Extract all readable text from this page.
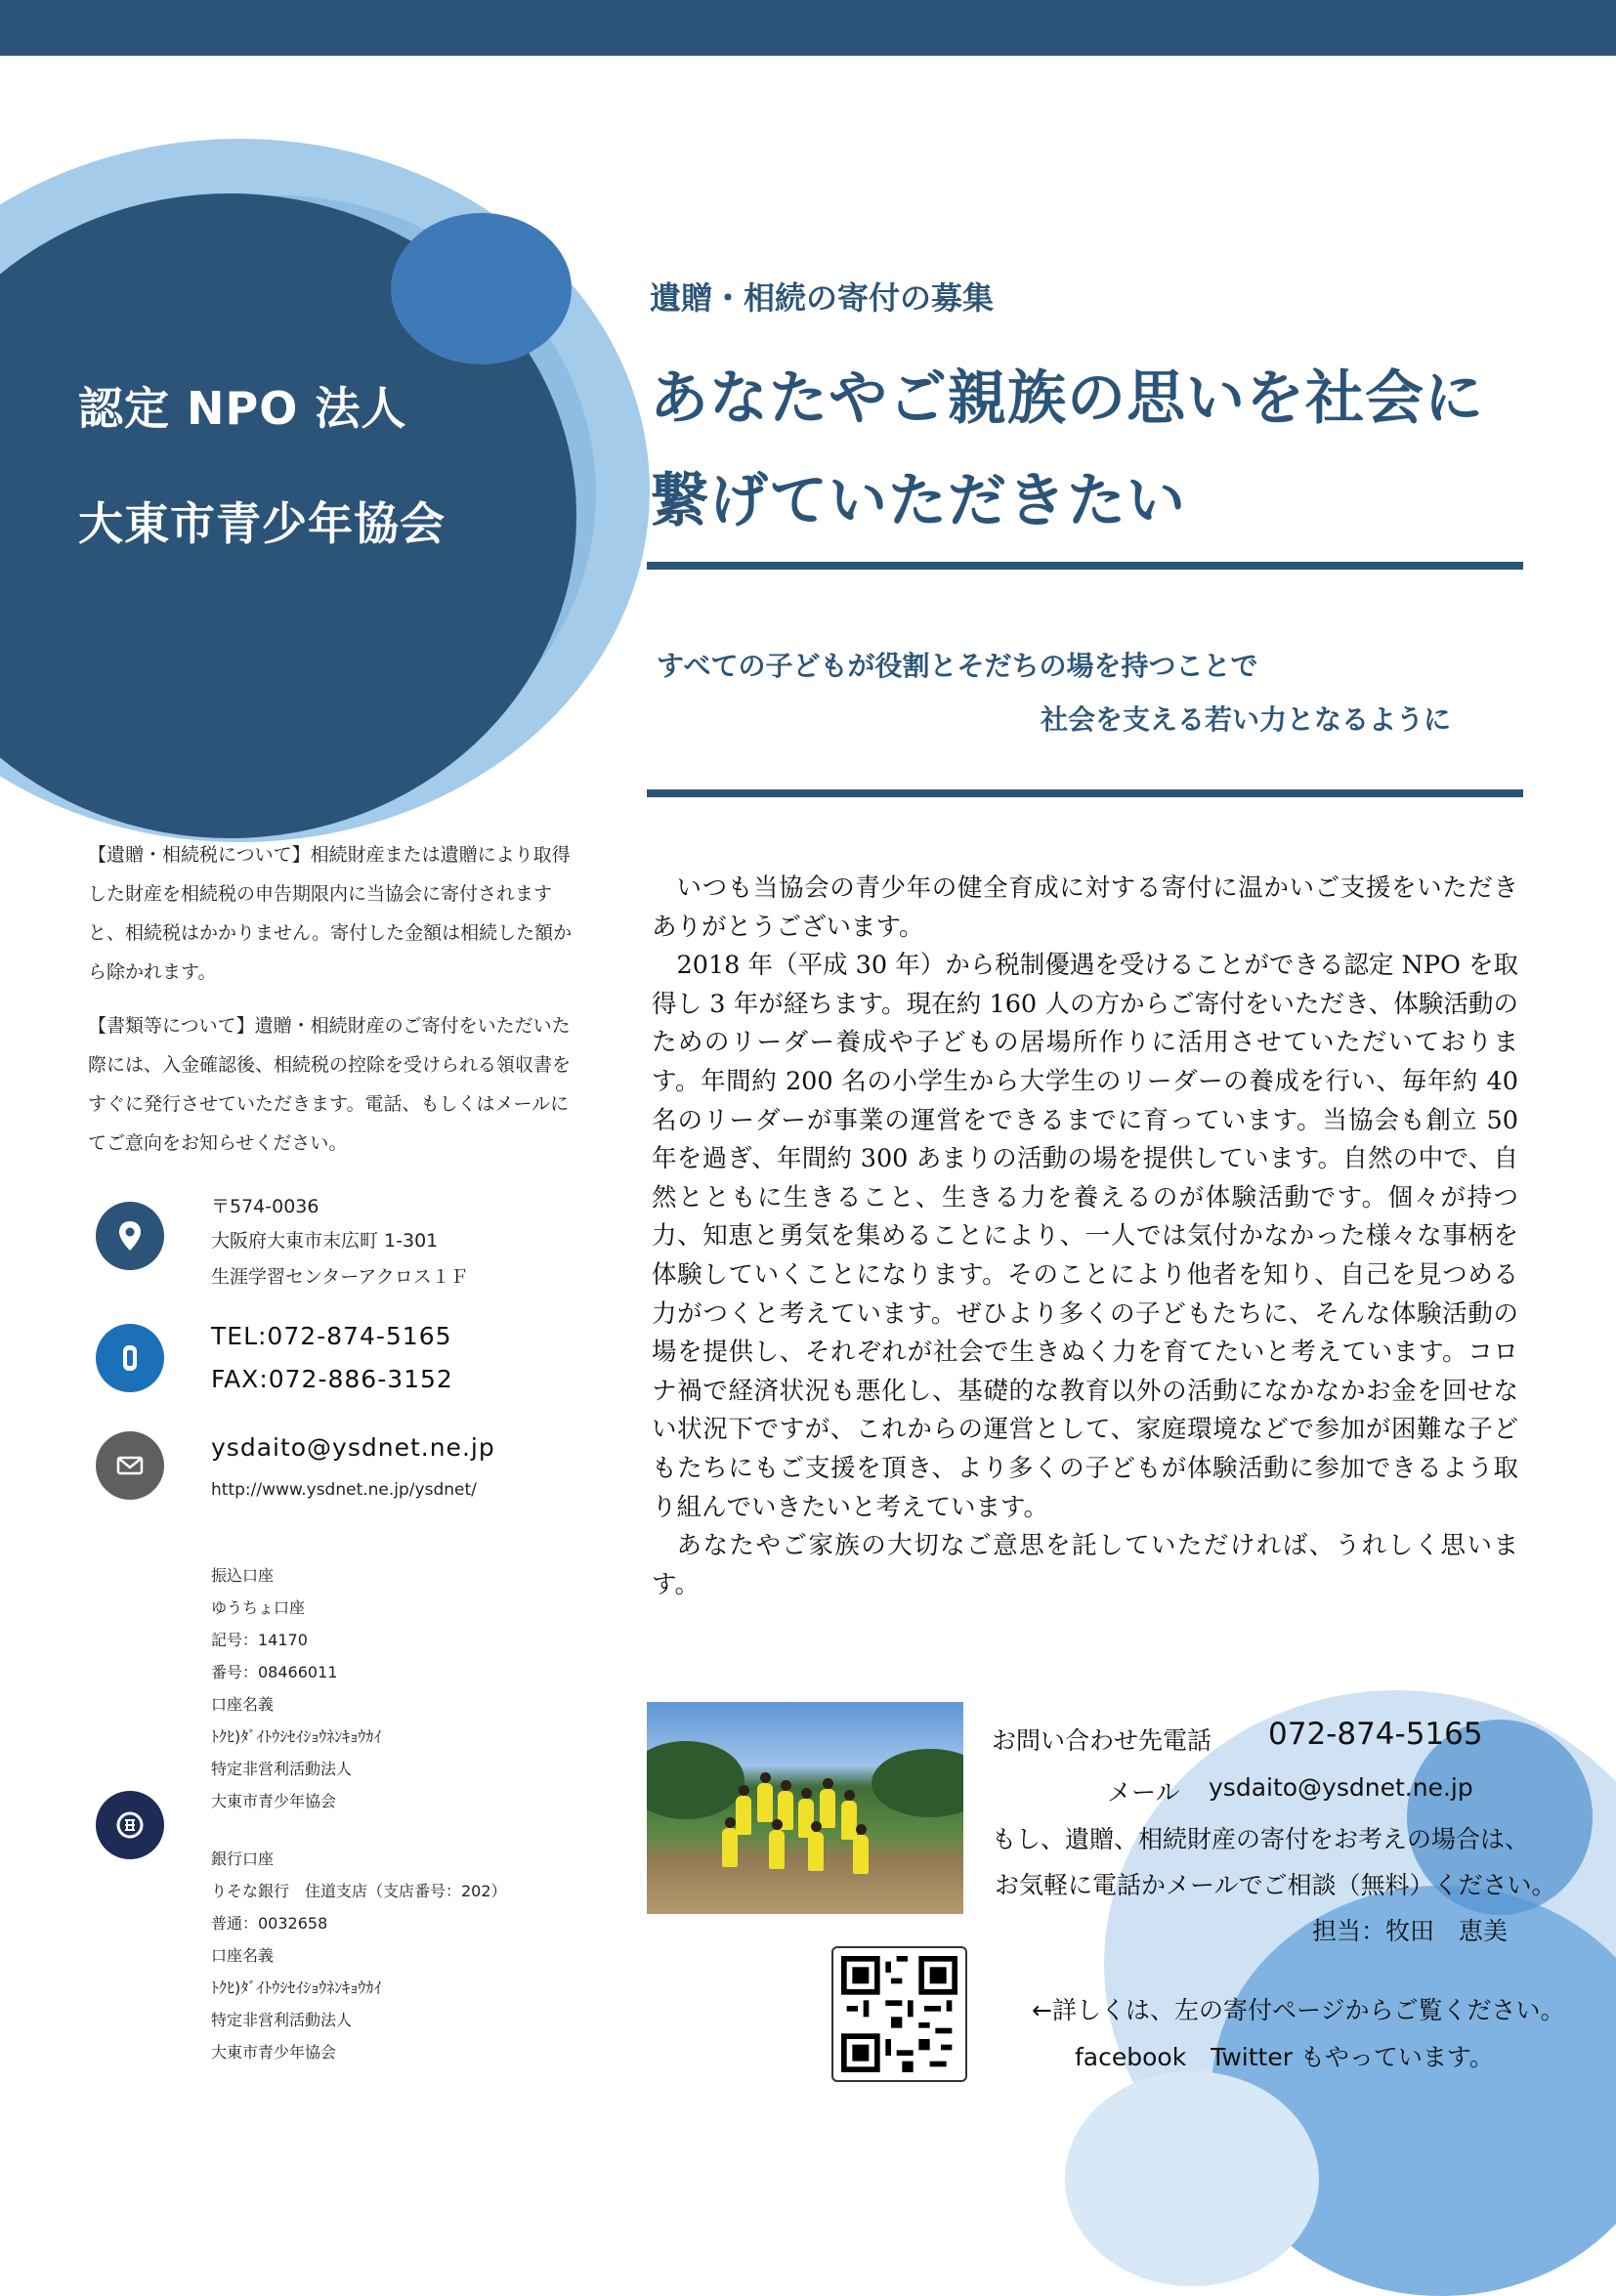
認定 NPO 法人
大東市青少年協会
遺贈・相続の寄付の募集
あなたやご親族の思いを社会に
繋げていただきたい
すべての子どもが役割とそだちの場を持つことで
社会を支える若い力となるように
【遺贈・相続税について】相続財産または遺贈により取得した財産を相続税の申告期限内に当協会に寄付されますと、相続税はかかりません。寄付した金額は相続した額から除かれます。
【書類等について】遺贈・相続財産のご寄付をいただいた際には、入金確認後、相続税の控除を受けられる領収書をすぐに発行させていただきます。電話、もしくはメールにてご意向をお知らせください。
〒574-0036
大阪府大東市末広町 1-301
生涯学習センターアクロス１Ｆ
TEL:072-874-5165
FAX:072-886-3152
ysdaito@ysdnet.ne.jp
http://www.ysdnet.ne.jp/ysdnet/
振込口座
ゆうちょ口座
記号：14170
番号：08466011
口座名義
ﾄｸﾋ)ﾀﾞｲﾄｳｼｾｲｼｮｳﾈﾝｷｮｳｶｲ
特定非営利活動法人
大東市青少年協会
銀行口座
りそな銀行　住道支店（支店番号：202）
普通：0032658
口座名義
ﾄｸﾋ)ﾀﾞｲﾄｳｼｾｲｼｮｳﾈﾝｷｮｳｶｲ
特定非営利活動法人
大東市青少年協会

いつも当協会の青少年の健全育成に対する寄付に温かいご支援をいただきありがとうございます。

2018 年（平成 30 年）から税制優遇を受けることができる認定 NPO を取得し 3 年が経ちます。現在約 160 人の方からご寄付をいただき、体験活動のためのリーダー養成や子どもの居場所作りに活用させていただいております。年間約 200 名の小学生から大学生のリーダーの養成を行い、毎年約 40 名のリーダーが事業の運営をできるまでに育っています。当協会も創立 50 年を過ぎ、年間約 300 あまりの活動の場を提供しています。自然の中で、自然とともに生きること、生きる力を養えるのが体験活動です。個々が持つ力、知恵と勇気を集めることにより、一人では気付かなかった様々な事柄を体験していくことになります。そのことにより他者を知り、自己を見つめる力がつくと考えています。ぜひより多くの子どもたちに、そんな体験活動の場を提供し、それぞれが社会で生きぬく力を育てたいと考えています。コロナ禍で経済状況も悪化し、基礎的な教育以外の活動になかなかお金を回せない状況下ですが、これからの運営として、家庭環境などで参加が困難な子どもたちにもご支援を頂き、より多くの子どもが体験活動に参加できるよう取り組んでいきたいと考えています。

あなたやご家族の大切なご意思を託していただければ、うれしく思います。

お問い合わせ先電話 072-874-5165
メール ysdaito@ysdnet.ne.jp
もし、遺贈、相続財産の寄付をお考えの場合は、
お気軽に電話かメールでご相談（無料）ください。
担当：牧田　恵美
←詳しくは、左の寄付ページからご覧ください。
facebook　Twitter もやっています。
